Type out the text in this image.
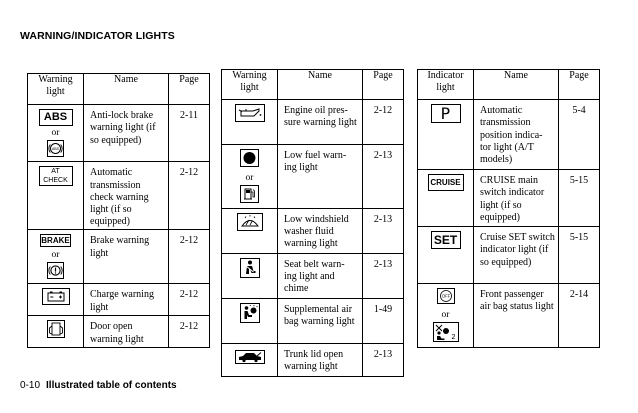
WARNING/INDICATOR LIGHTS
Warning light	Name	Page
ABS
or
ABS	Anti-lock brake warning light (if so equipped)	2-11
AT CHECK	Automatic transmission check warning light (if so equipped)	2-12
BRAKE
or	Brake warning light	2-12

	Charge warning light	2-12

	Door open warning light	2-12
Warning light	Name	Page

	Engine oil pres- sure warning light	2-12

or	Low fuel warn- ing light	2-13

	Low windshield washer fluid warning light	2-13

	Seat belt warn- ing light and chime	2-13

	Supplemental air bag warning light	1-49

	Trunk lid open warning light	2-13
Indicator light	Name	Page
P	Automatic transmission position indica- tor light (A/T models)	5-4
CRUISE	CRUISE main switch indicator light (if so equipped)	5-15
SET	Cruise SET switch indicator light (if so equipped)	5-15

OFF
or
2	Front passenger air bag status light	2-14
0-10 Illustrated table of contents
